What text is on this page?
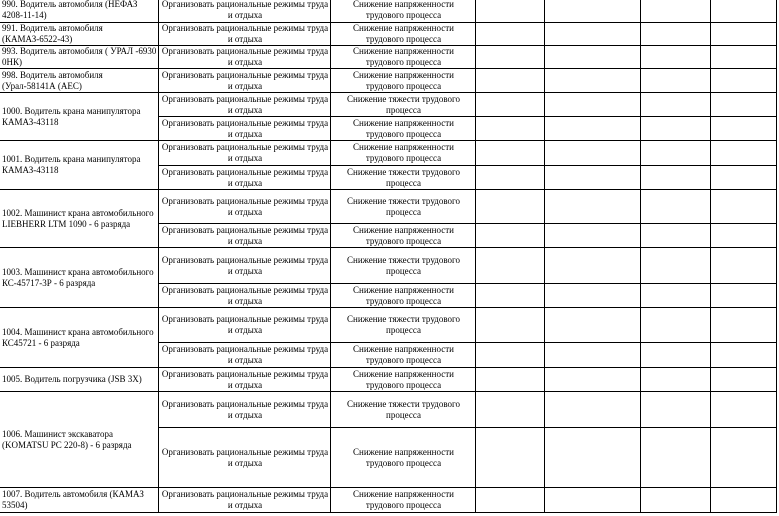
990. Водитель автомобиля (НЕФАЗ 4208-11-14)	Организовать рациональные режимы труда и отдыха	Снижение напряженности трудового процесса				
991. Водитель автомобиля (КАМАЗ-6522-43)	Организовать рациональные режимы труда и отдыха	Снижение напряженности трудового процесса				
993. Водитель автомобиля ( УРАЛ -6930 0НК)	Организовать рациональные режимы труда и отдыха	Снижение напряженности трудового процесса				
998. Водитель автомобиля (Урал-58141А (АЕС)	Организовать рациональные режимы труда и отдыха	Снижение напряженности трудового процесса				
1000. Водитель крана манипулятора КАМАЗ-43118	Организовать рациональные режимы труда и отдыха	Снижение тяжести трудового процесса				
	Организовать рациональные режимы труда и отдыха	Снижение напряженности трудового процесса				
1001. Водитель крана манипулятора КАМАЗ-43118	Организовать рациональные режимы труда и отдыха	Снижение напряженности трудового процесса				
	Организовать рациональные режимы труда и отдыха	Снижение тяжести трудового процесса				
1002. Машинист крана автомобильного LIEBHERR LTM 1090 - 6 разряда	Организовать рациональные режимы труда и отдыха	Снижение тяжести трудового процесса				
	Организовать рациональные режимы труда и отдыха	Снижение напряженности трудового процесса				
1003. Машинист крана автомобильного КС-45717-3Р - 6 разряда	Организовать рациональные режимы труда и отдыха	Снижение тяжести трудового процесса				
	Организовать рациональные режимы труда и отдыха	Снижение напряженности трудового процесса				
1004. Машинист крана автомобильного КС45721 - 6 разряда	Организовать рациональные режимы труда и отдыха	Снижение тяжести трудового процесса				
	Организовать рациональные режимы труда и отдыха	Снижение напряженности трудового процесса				
1005. Водитель погрузчика (JSB 3X)	Организовать рациональные режимы труда и отдыха	Снижение напряженности трудового процесса				
1006. Машинист экскаватора (KOMATSU PC 220-8) - 6 разряда	Организовать рациональные режимы труда и отдыха	Снижение тяжести трудового процесса				
	Организовать рациональные режимы труда и отдыха	Снижение напряженности трудового процесса				
1007. Водитель автомобиля (КАМАЗ 53504)	Организовать рациональные режимы труда и отдыха	Снижение напряженности трудового процесса				
